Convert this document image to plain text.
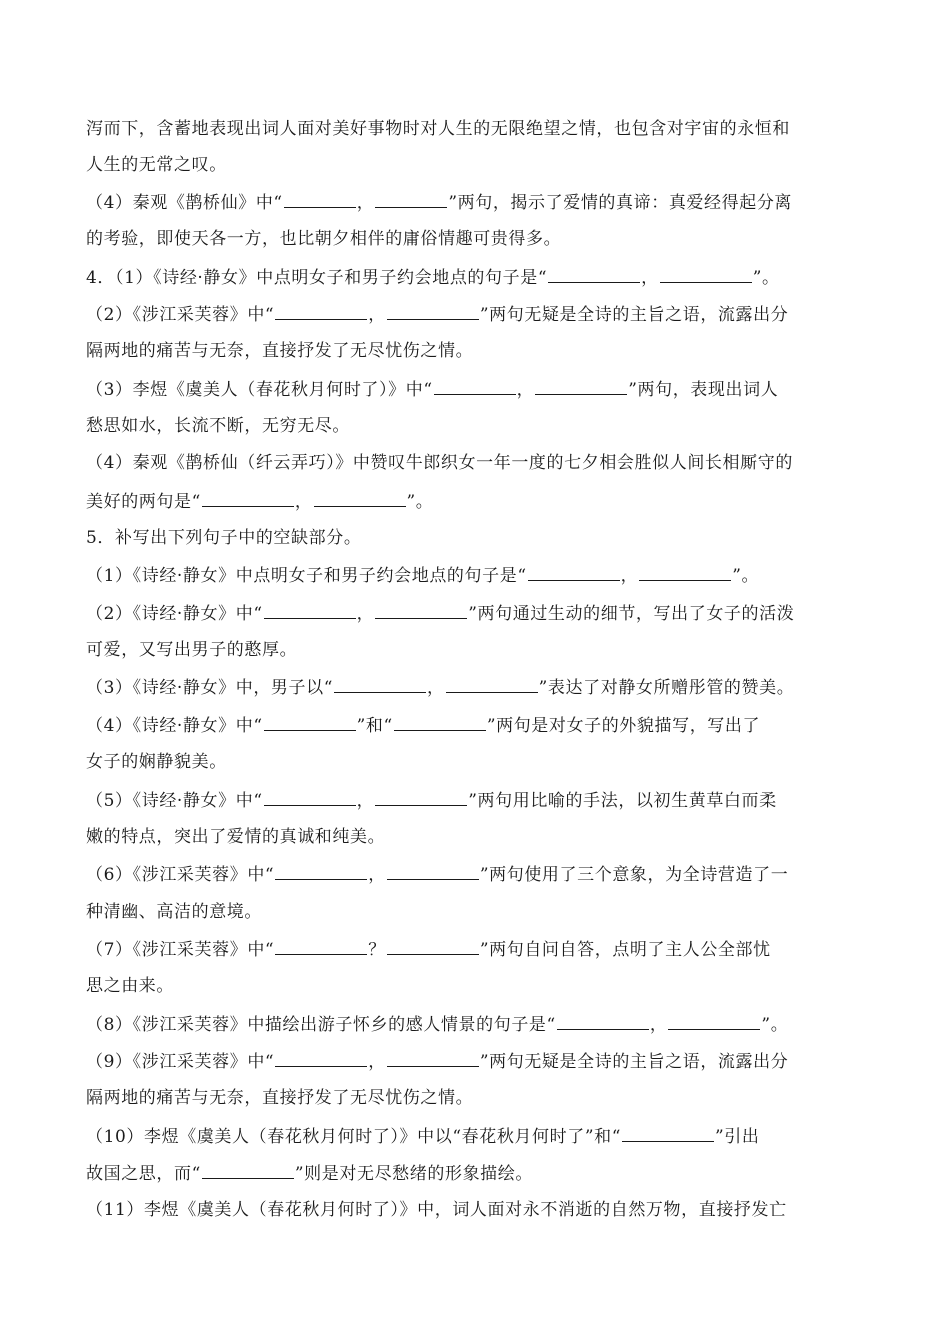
泻而下，含蓄地表现出词人面对美好事物时对人生的无限绝望之情，也包含对宇宙的永恒和
人生的无常之叹。
（4）秦观《鹊桥仙》中“	，	”两句，揭示了爱情的真谛：真爱经得起分离
的考验，即使天各一方，也比朝夕相伴的庸俗情趣可贵得多。
4．（1）《诗经·静女》中点明女子和男子约会地点的句子是“	，	”。
（2）《涉江采芙蓉》中“	，	”两句无疑是全诗的主旨之语，流露出分
隔两地的痛苦与无奈，直接抒发了无尽忧伤之情。
（3）李煜《虞美人（春花秋月何时了）》中“	，	”两句，表现出词人
愁思如水，长流不断，无穷无尽。
（4）秦观《鹊桥仙（纤云弄巧）》中赞叹牛郎织女一年一度的七夕相会胜似人间长相厮守的
美好的两句是“	，	”。
5．补写出下列句子中的空缺部分。
（1）《诗经·静女》中点明女子和男子约会地点的句子是“	，	”。
（2）《诗经·静女》中“	，	”两句通过生动的细节，写出了女子的活泼
可爱，又写出男子的憨厚。
（3）《诗经·静女》中，男子以“	，	”表达了对静女所赠彤管的赞美。
（4）《诗经·静女》中“	”和“	”两句是对女子的外貌描写，写出了
女子的娴静貌美。
（5）《诗经·静女》中“	，	”两句用比喻的手法，以初生黄草白而柔
嫩的特点，突出了爱情的真诚和纯美。
（6）《涉江采芙蓉》中“	，	”两句使用了三个意象，为全诗营造了一
种清幽、高洁的意境。
（7）《涉江采芙蓉》中“	？	”两句自问自答，点明了主人公全部忧
思之由来。
（8）《涉江采芙蓉》中描绘出游子怀乡的感人情景的句子是“	，	”。
（9）《涉江采芙蓉》中“	，	”两句无疑是全诗的主旨之语，流露出分
隔两地的痛苦与无奈，直接抒发了无尽忧伤之情。
（10）李煜《虞美人（春花秋月何时了）》中以“春花秋月何时了”和“	”引出
故国之思，而“	”则是对无尽愁绪的形象描绘。
（11）李煜《虞美人（春花秋月何时了）》中，词人面对永不消逝的自然万物，直接抒发亡
